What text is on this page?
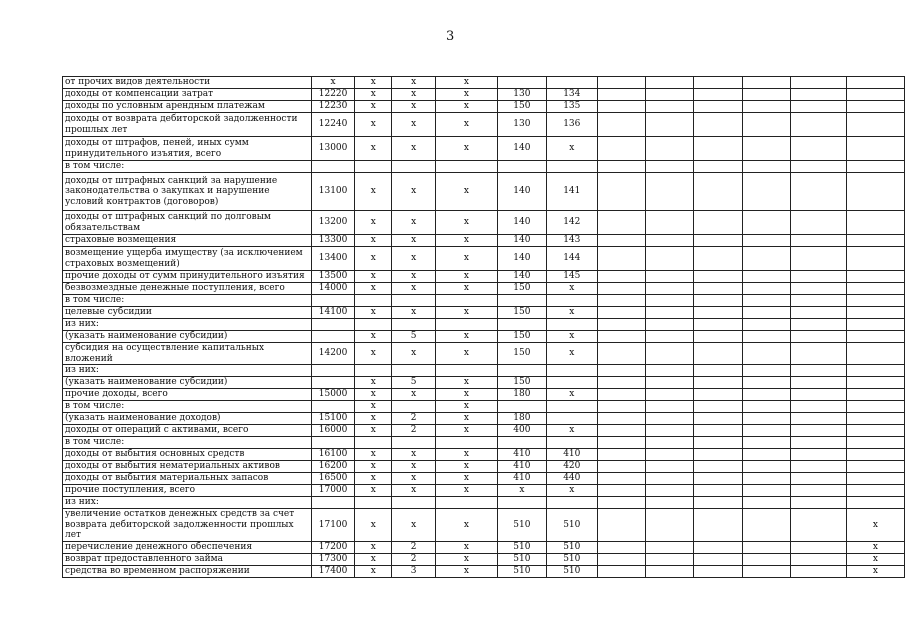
3
от прочих видов деятельности	x	x	x	x								
доходы от компенсации затрат	12220	x	x	x	130	134						
доходы по условным арендным платежам	12230	x	x	x	150	135						
доходы от возврата дебиторской задолженности прошлых лет	12240	x	x	x	130	136						
доходы от штрафов, пеней, иных сумм принудительного изъятия, всего	13000	x	x	x	140	x						
в том числе:												
доходы от штрафных санкций за нарушение законодательства о закупках и нарушение условий контрактов (договоров)	13100	x	x	x	140	141						
доходы от штрафных санкций по долговым обязательствам	13200	x	x	x	140	142						
страховые возмещения	13300	x	x	x	140	143						
возмещение ущерба имуществу (за исключением страховых возмещений)	13400	x	x	x	140	144						
прочие доходы от сумм принудительного изъятия	13500	x	x	x	140	145						
безвозмездные денежные поступления, всего	14000	x	x	x	150	x						
в том числе:												
целевые субсидии	14100	x	x	x	150	x						
из них:												
(указать наименование субсидии)		x	5	x	150	x						
субсидия на осуществление капитальных вложений	14200	x	x	x	150	x						
из них:												
(указать наименование субсидии)		x	5	x	150							
прочие доходы, всего	15000	x	x	x	180	x						
в том числе:		x		x								
(указать наименование доходов)	15100	x	2	x	180							
доходы от операций с активами, всего	16000	x	2	x	400	x						
в том числе:												
доходы от выбытия основных средств	16100	x	x	x	410	410						
доходы от выбытия нематериальных активов	16200	x	x	x	410	420						
доходы от выбытия материальных запасов	16500	x	x	x	410	440						
прочие поступления, всего	17000	x	x	x	x	x						
из них:												
увеличение остатков денежных средств за счет возврата дебиторской задолженности прошлых лет	17100	x	x	x	510	510						x
перечисление денежного обеспечения	17200	x	2	x	510	510						x
возврат предоставленного займа	17300	x	2	x	510	510						x
средства во временном распоряжении	17400	x	3	x	510	510						x
